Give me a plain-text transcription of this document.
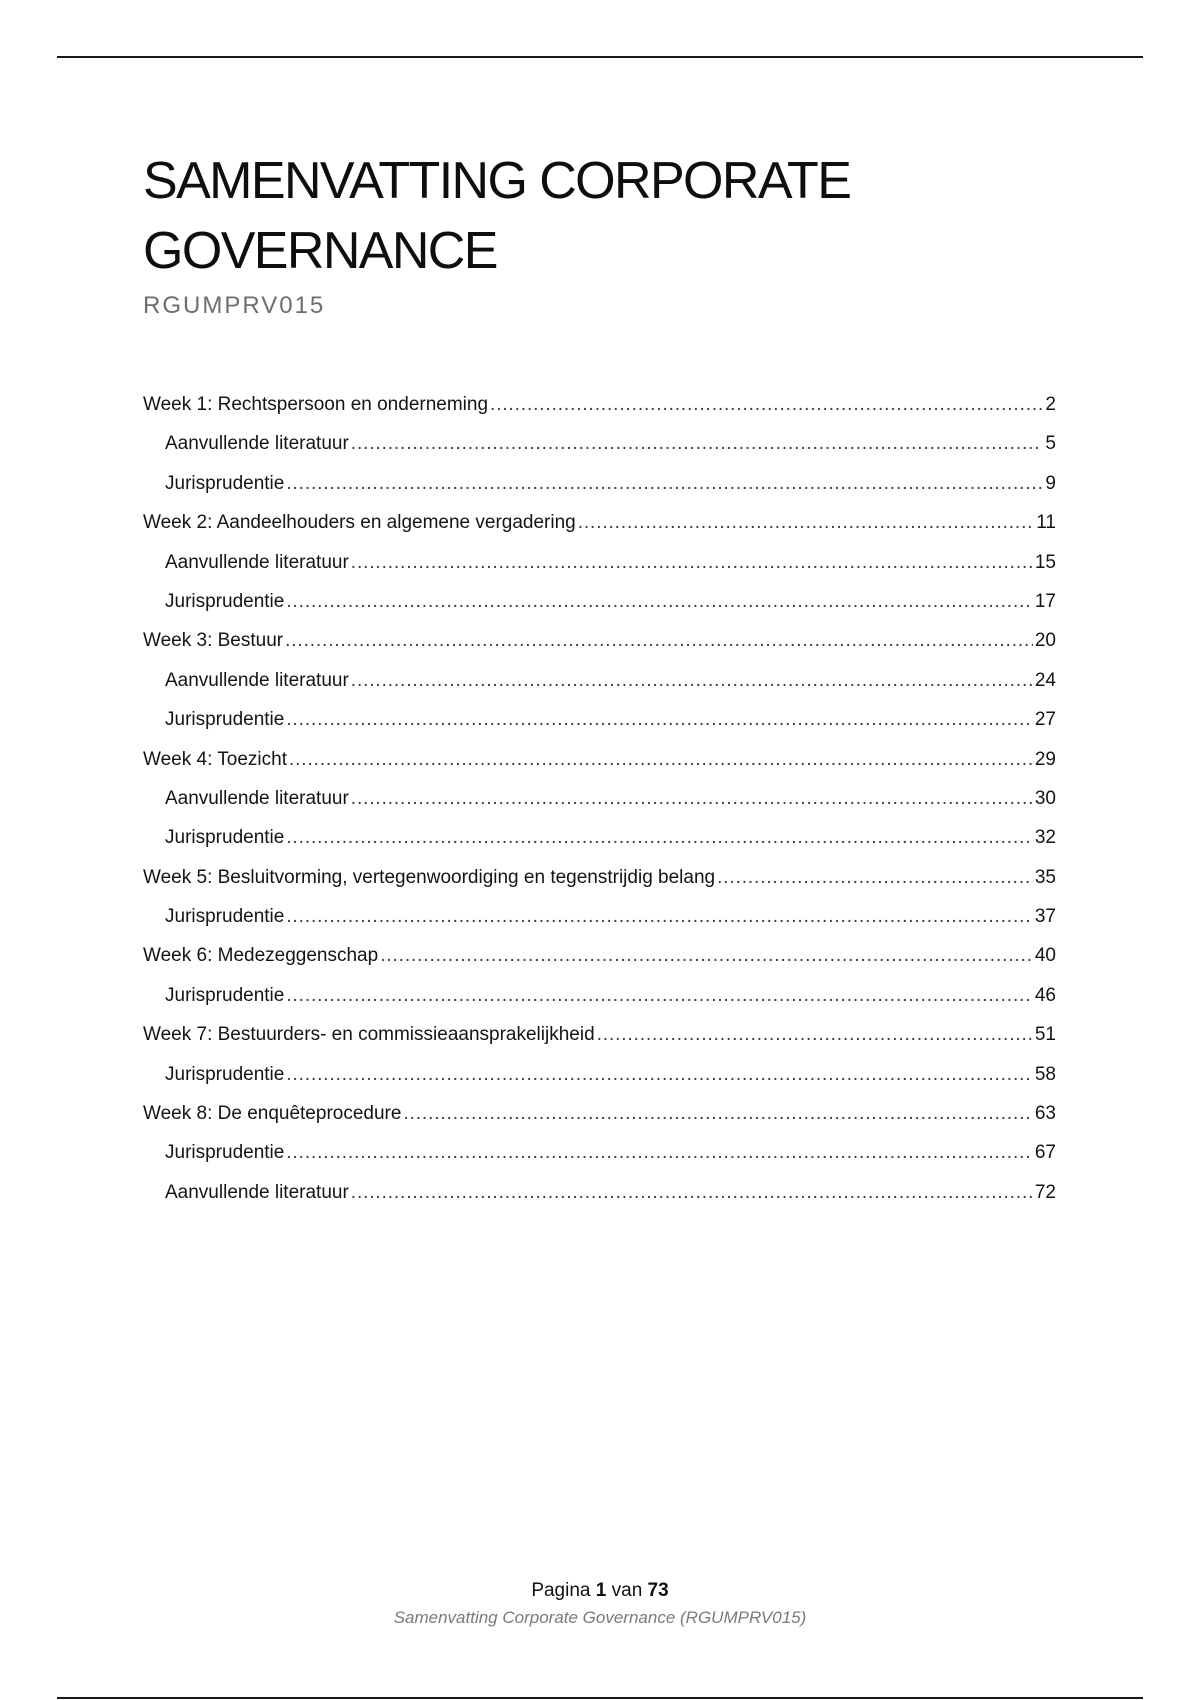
SAMENVATTING CORPORATE
GOVERNANCE

RGUMPRV015

Week 1: Rechtspersoon en onderneming . . .	2
Aanvullende literatuur . . .	5
Jurisprudentie . . .	9
Week 2: Aandeelhouders en algemene vergadering . . .	11
Aanvullende literatuur . . .	15
Jurisprudentie . . .	17
Week 3: Bestuur . . .	20
Aanvullende literatuur . . .	24
Jurisprudentie . . .	27
Week 4: Toezicht . . .	29
Aanvullende literatuur . . .	30
Jurisprudentie . . .	32
Week 5: Besluitvorming, vertegenwoordiging en tegenstrijdig belang . . .	35
Jurisprudentie . . .	37
Week 6: Medezeggenschap . . .	40
Jurisprudentie . . .	46
Week 7: Bestuurders- en commissieaansprakelijkheid . . .	51
Jurisprudentie . . .	58
Week 8: De enquêteprocedure . . .	63
Jurisprudentie . . .	67
Aanvullende literatuur . . .	72
Pagina 1 van 73
Samenvatting Corporate Governance (RGUMPRV015)
